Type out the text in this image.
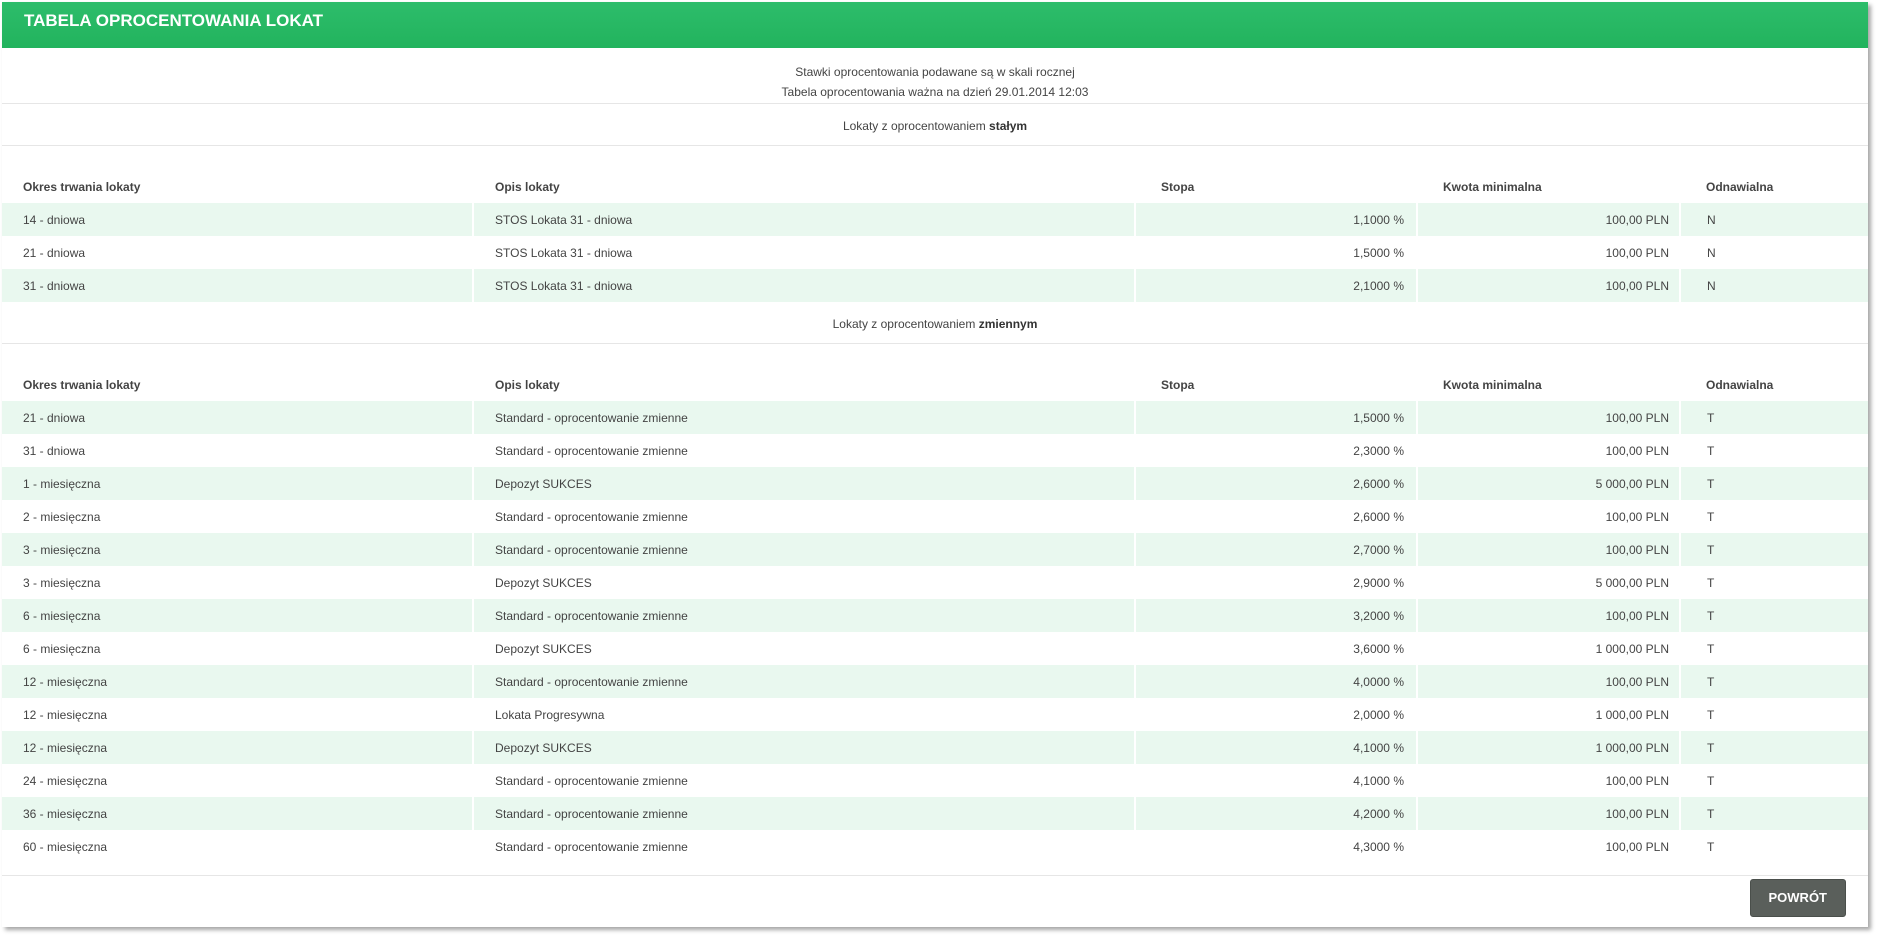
TABELA OPROCENTOWANIA LOKAT
Stawki oprocentowania podawane są w skali rocznej
Tabela oprocentowania ważna na dzień 29.01.2014 12:03
Lokaty z oprocentowaniem stałym
Okres trwania lokaty	Opis lokaty	Stopa	Kwota minimalna	Odnawialna
14 - dniowa	STOS Lokata 31 - dniowa	1,1000 %	100,00 PLN	N
21 - dniowa	STOS Lokata 31 - dniowa	1,5000 %	100,00 PLN	N
31 - dniowa	STOS Lokata 31 - dniowa	2,1000 %	100,00 PLN	N
Lokaty z oprocentowaniem zmiennym
Okres trwania lokaty	Opis lokaty	Stopa	Kwota minimalna	Odnawialna
21 - dniowa	Standard - oprocentowanie zmienne	1,5000 %	100,00 PLN	T
31 - dniowa	Standard - oprocentowanie zmienne	2,3000 %	100,00 PLN	T
1 - miesięczna	Depozyt SUKCES	2,6000 %	5 000,00 PLN	T
2 - miesięczna	Standard - oprocentowanie zmienne	2,6000 %	100,00 PLN	T
3 - miesięczna	Standard - oprocentowanie zmienne	2,7000 %	100,00 PLN	T
3 - miesięczna	Depozyt SUKCES	2,9000 %	5 000,00 PLN	T
6 - miesięczna	Standard - oprocentowanie zmienne	3,2000 %	100,00 PLN	T
6 - miesięczna	Depozyt SUKCES	3,6000 %	1 000,00 PLN	T
12 - miesięczna	Standard - oprocentowanie zmienne	4,0000 %	100,00 PLN	T
12 - miesięczna	Lokata Progresywna	2,0000 %	1 000,00 PLN	T
12 - miesięczna	Depozyt SUKCES	4,1000 %	1 000,00 PLN	T
24 - miesięczna	Standard - oprocentowanie zmienne	4,1000 %	100,00 PLN	T
36 - miesięczna	Standard - oprocentowanie zmienne	4,2000 %	100,00 PLN	T
60 - miesięczna	Standard - oprocentowanie zmienne	4,3000 %	100,00 PLN	T
POWRÓT
